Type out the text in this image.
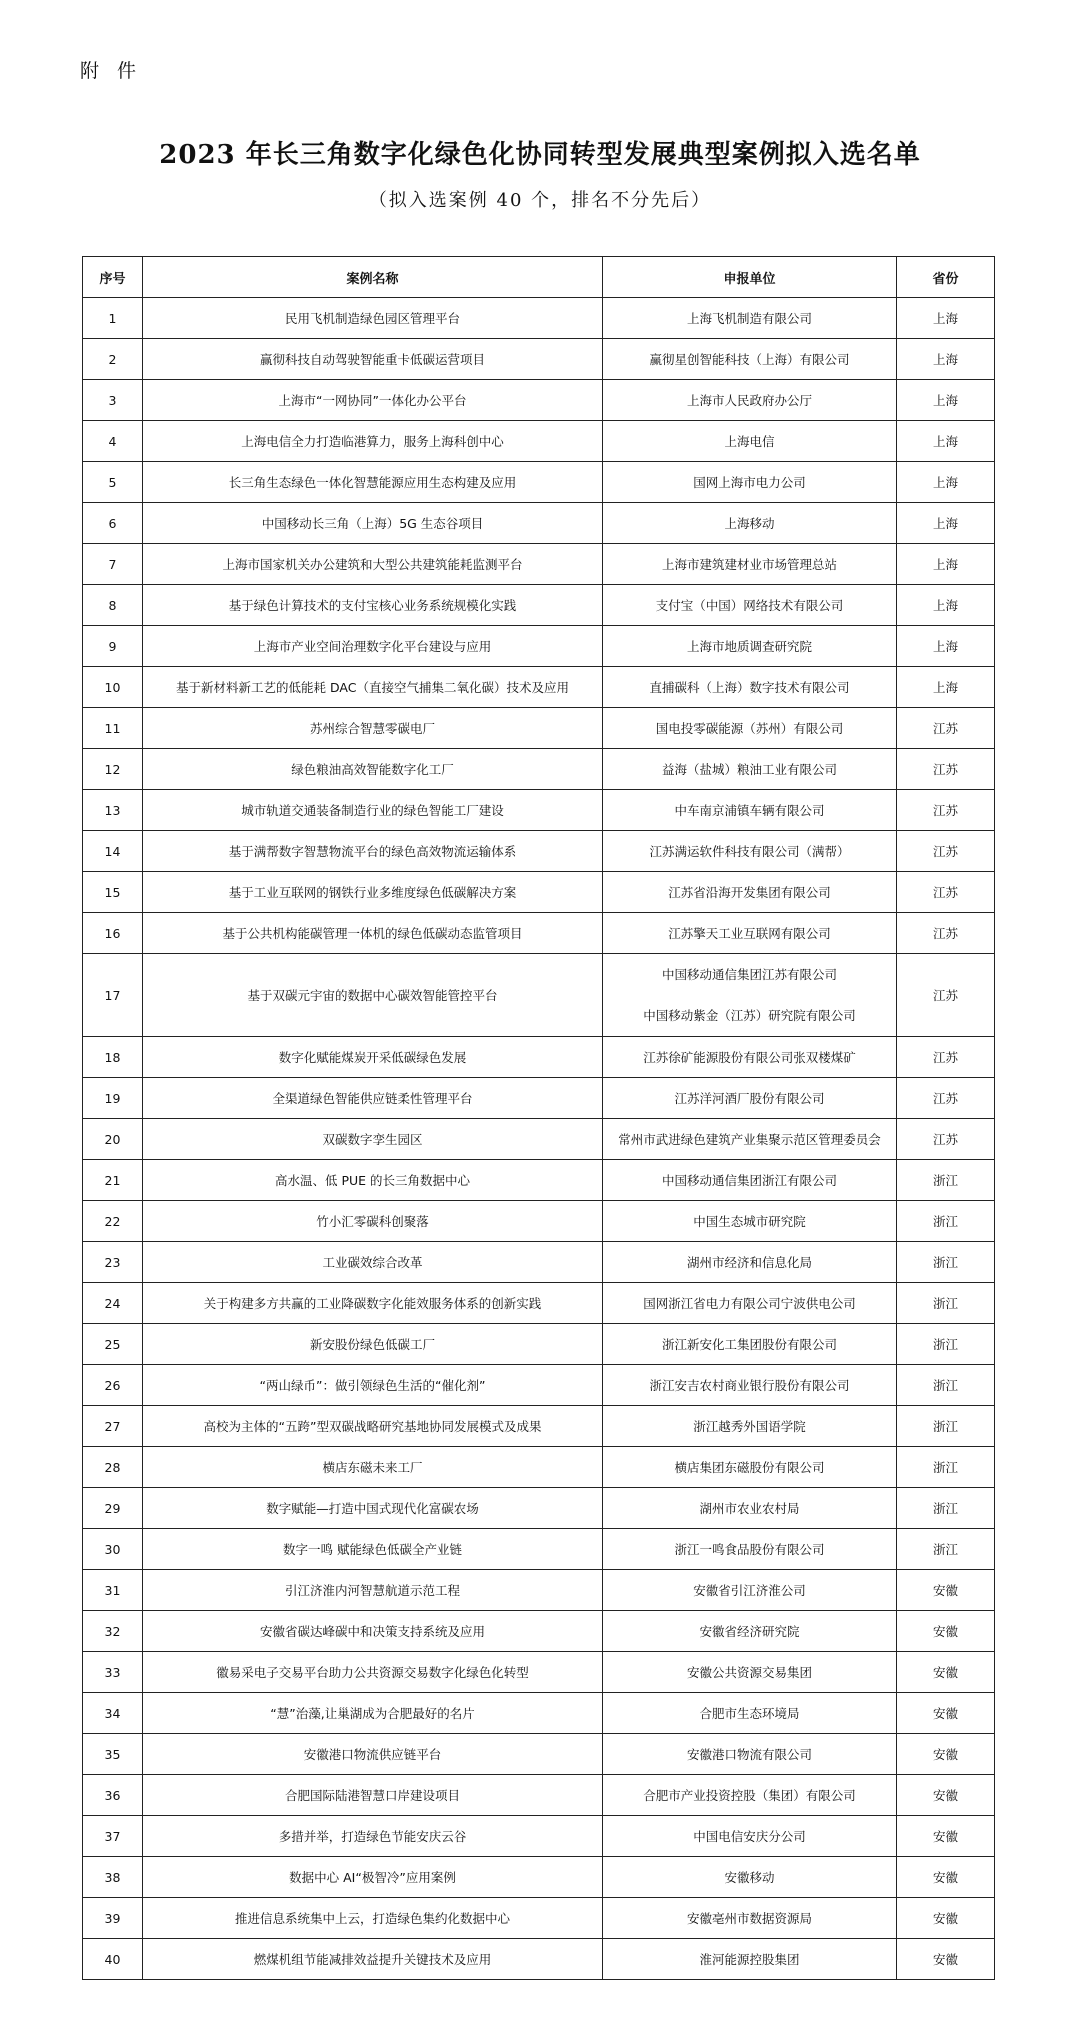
附 件
2023 年长三角数字化绿色化协同转型发展典型案例拟入选名单
（拟入选案例 40 个，排名不分先后）
序号	案例名称	申报单位	省份
1	民用飞机制造绿色园区管理平台	上海飞机制造有限公司	上海
2	赢彻科技自动驾驶智能重卡低碳运营项目	赢彻星创智能科技（上海）有限公司	上海
3	上海市“一网协同”一体化办公平台	上海市人民政府办公厅	上海
4	上海电信全力打造临港算力，服务上海科创中心	上海电信	上海
5	长三角生态绿色一体化智慧能源应用生态构建及应用	国网上海市电力公司	上海
6	中国移动长三角（上海）5G 生态谷项目	上海移动	上海
7	上海市国家机关办公建筑和大型公共建筑能耗监测平台	上海市建筑建材业市场管理总站	上海
8	基于绿色计算技术的支付宝核心业务系统规模化实践	支付宝（中国）网络技术有限公司	上海
9	上海市产业空间治理数字化平台建设与应用	上海市地质调查研究院	上海
10	基于新材料新工艺的低能耗 DAC（直接空气捕集二氧化碳）技术及应用	直捕碳科（上海）数字技术有限公司	上海
11	苏州综合智慧零碳电厂	国电投零碳能源（苏州）有限公司	江苏
12	绿色粮油高效智能数字化工厂	益海（盐城）粮油工业有限公司	江苏
13	城市轨道交通装备制造行业的绿色智能工厂建设	中车南京浦镇车辆有限公司	江苏
14	基于满帮数字智慧物流平台的绿色高效物流运输体系	江苏满运软件科技有限公司（满帮）	江苏
15	基于工业互联网的钢铁行业多维度绿色低碳解决方案	江苏省沿海开发集团有限公司	江苏
16	基于公共机构能碳管理一体机的绿色低碳动态监管项目	江苏擎天工业互联网有限公司	江苏
17	基于双碳元宇宙的数据中心碳效智能管控平台	中国移动通信集团江苏有限公司
中国移动紫金（江苏）研究院有限公司	江苏
18	数字化赋能煤炭开采低碳绿色发展	江苏徐矿能源股份有限公司张双楼煤矿	江苏
19	全渠道绿色智能供应链柔性管理平台	江苏洋河酒厂股份有限公司	江苏
20	双碳数字孪生园区	常州市武进绿色建筑产业集聚示范区管理委员会	江苏
21	高水温、低 PUE 的长三角数据中心	中国移动通信集团浙江有限公司	浙江
22	竹小汇零碳科创聚落	中国生态城市研究院	浙江
23	工业碳效综合改革	湖州市经济和信息化局	浙江
24	关于构建多方共赢的工业降碳数字化能效服务体系的创新实践	国网浙江省电力有限公司宁波供电公司	浙江
25	新安股份绿色低碳工厂	浙江新安化工集团股份有限公司	浙江
26	“两山绿币”：做引领绿色生活的“催化剂”	浙江安吉农村商业银行股份有限公司	浙江
27	高校为主体的“五跨”型双碳战略研究基地协同发展模式及成果	浙江越秀外国语学院	浙江
28	横店东磁未来工厂	横店集团东磁股份有限公司	浙江
29	数字赋能—打造中国式现代化富碳农场	湖州市农业农村局	浙江
30	数字一鸣 赋能绿色低碳全产业链	浙江一鸣食品股份有限公司	浙江
31	引江济淮内河智慧航道示范工程	安徽省引江济淮公司	安徽
32	安徽省碳达峰碳中和决策支持系统及应用	安徽省经济研究院	安徽
33	徽易采电子交易平台助力公共资源交易数字化绿色化转型	安徽公共资源交易集团	安徽
34	“慧”治藻,让巢湖成为合肥最好的名片	合肥市生态环境局	安徽
35	安徽港口物流供应链平台	安徽港口物流有限公司	安徽
36	合肥国际陆港智慧口岸建设项目	合肥市产业投资控股（集团）有限公司	安徽
37	多措并举，打造绿色节能安庆云谷	中国电信安庆分公司	安徽
38	数据中心 AI“极智冷”应用案例	安徽移动	安徽
39	推进信息系统集中上云，打造绿色集约化数据中心	安徽亳州市数据资源局	安徽
40	燃煤机组节能减排效益提升关键技术及应用	淮河能源控股集团	安徽
